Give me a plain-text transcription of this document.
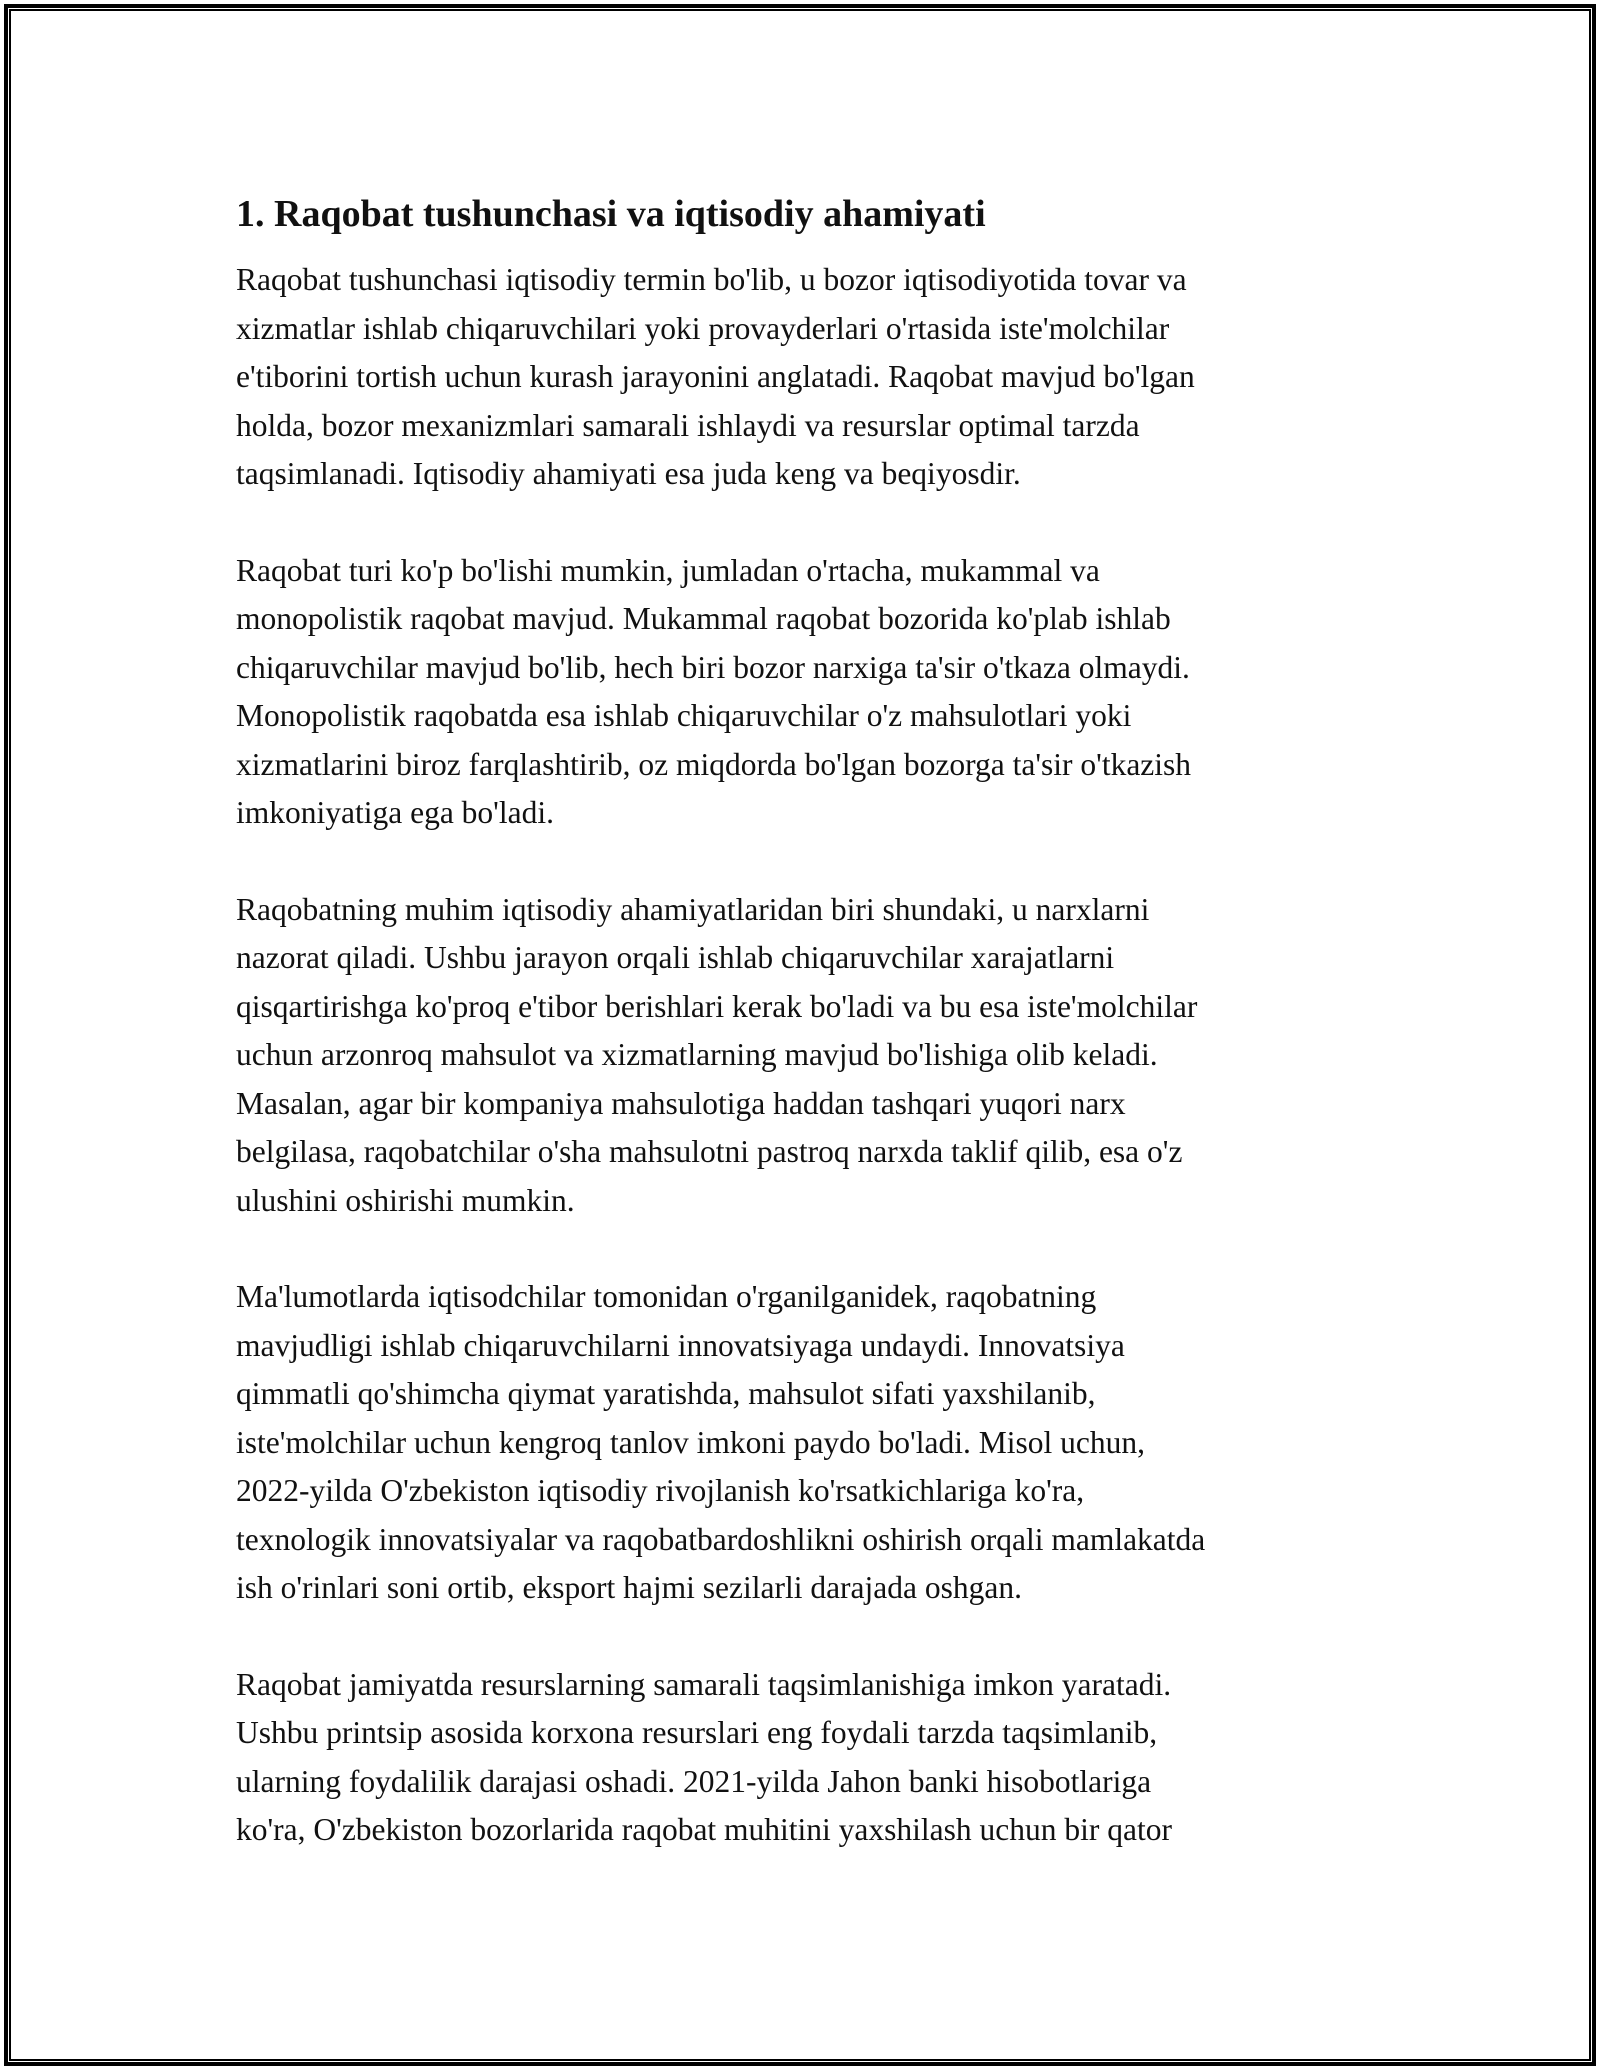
1. Raqobat tushunchasi va iqtisodiy ahamiyati

Raqobat tushunchasi iqtisodiy termin bo'lib, u bozor iqtisodiyotida tovar va
xizmatlar ishlab chiqaruvchilari yoki provayderlari o'rtasida iste'molchilar
e'tiborini tortish uchun kurash jarayonini anglatadi. Raqobat mavjud bo'lgan
holda, bozor mexanizmlari samarali ishlaydi va resurslar optimal tarzda
taqsimlanadi. Iqtisodiy ahamiyati esa juda keng va beqiyosdir.

Raqobat turi ko'p bo'lishi mumkin, jumladan o'rtacha, mukammal va
monopolistik raqobat mavjud. Mukammal raqobat bozorida ko'plab ishlab
chiqaruvchilar mavjud bo'lib, hech biri bozor narxiga ta'sir o'tkaza olmaydi.
Monopolistik raqobatda esa ishlab chiqaruvchilar o'z mahsulotlari yoki
xizmatlarini biroz farqlashtirib, oz miqdorda bo'lgan bozorga ta'sir o'tkazish
imkoniyatiga ega bo'ladi.

Raqobatning muhim iqtisodiy ahamiyatlaridan biri shundaki, u narxlarni
nazorat qiladi. Ushbu jarayon orqali ishlab chiqaruvchilar xarajatlarni
qisqartirishga ko'proq e'tibor berishlari kerak bo'ladi va bu esa iste'molchilar
uchun arzonroq mahsulot va xizmatlarning mavjud bo'lishiga olib keladi.
Masalan, agar bir kompaniya mahsulotiga haddan tashqari yuqori narx
belgilasa, raqobatchilar o'sha mahsulotni pastroq narxda taklif qilib, esa o'z
ulushini oshirishi mumkin.

Ma'lumotlarda iqtisodchilar tomonidan o'rganilganidek, raqobatning
mavjudligi ishlab chiqaruvchilarni innovatsiyaga undaydi. Innovatsiya
qimmatli qo'shimcha qiymat yaratishda, mahsulot sifati yaxshilanib,
iste'molchilar uchun kengroq tanlov imkoni paydo bo'ladi. Misol uchun,
2022-yilda O'zbekiston iqtisodiy rivojlanish ko'rsatkichlariga ko'ra,
texnologik innovatsiyalar va raqobatbardoshlikni oshirish orqali mamlakatda
ish o'rinlari soni ortib, eksport hajmi sezilarli darajada oshgan.

Raqobat jamiyatda resurslarning samarali taqsimlanishiga imkon yaratadi.
Ushbu printsip asosida korxona resurslari eng foydali tarzda taqsimlanib,
ularning foydalilik darajasi oshadi. 2021-yilda Jahon banki hisobotlariga
ko'ra, O'zbekiston bozorlarida raqobat muhitini yaxshilash uchun bir qator
